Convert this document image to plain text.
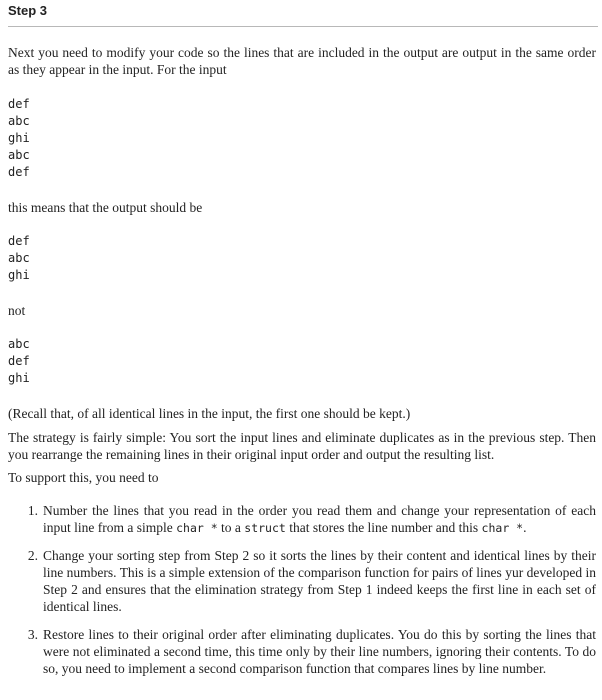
Step 3
Next you need to modify your code so the lines that are included in the output are output in the same order as they appear in the input. For the input
def
abc
ghi
abc
def
this means that the output should be
def
abc
ghi
not
abc
def
ghi
(Recall that, of all identical lines in the input, the first one should be kept.)
The strategy is fairly simple: You sort the input lines and eliminate duplicates as in the previous step. Then you rearrange the remaining lines in their original input order and output the resulting list.
To support this, you need to
1. Number the lines that you read in the order you read them and change your representation of each input line from a simple char * to a struct that stores the line number and this char *.
2. Change your sorting step from Step 2 so it sorts the lines by their content and identical lines by their line numbers. This is a simple extension of the comparison function for pairs of lines yur developed in Step 2 and ensures that the elimination strategy from Step 1 indeed keeps the first line in each set of identical lines.
3. Restore lines to their original order after eliminating duplicates. You do this by sorting the lines that were not eliminated a second time, this time only by their line numbers, ignoring their contents. To do so, you need to implement a second comparison function that compares lines by line number.
